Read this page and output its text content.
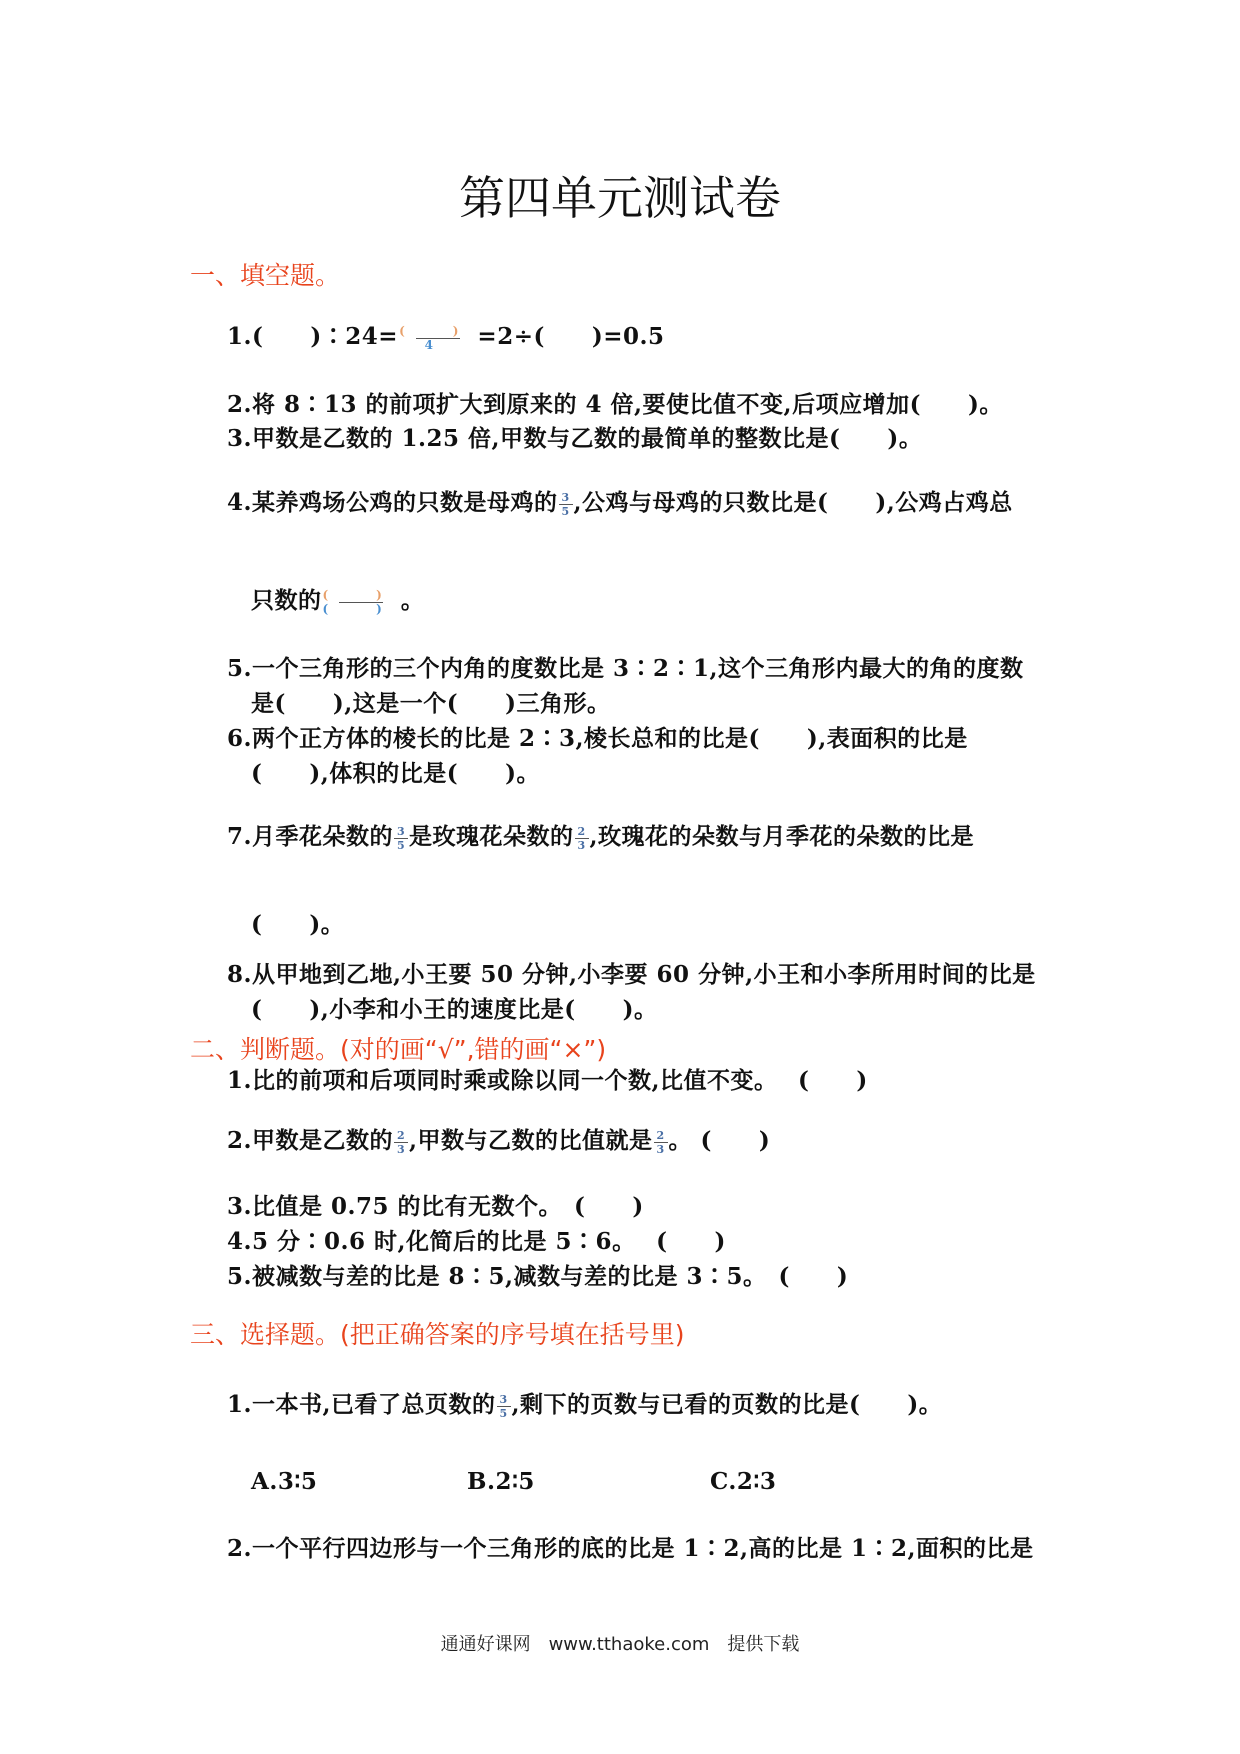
第四单元测试卷
一、填空题。
1.(　　)∶24= $\frac{( )}{4} =2\div$(　　)=0.5
2.将 8∶13 的前项扩大到原来的 4 倍,要使比值不变,后项应增加(　　)。
3.甲数是乙数的 1.25 倍,甲数与乙数的最简单的整数比是(　　)。
4.某养鸡场公鸡的只数是母鸡的 $\frac{3}{5}$ ,公鸡与母鸡的只数比是(　　),公鸡占鸡总
只数的 $\frac{( )}{( )}$ 。
5.一个三角形的三个内角的度数比是 3∶2∶1,这个三角形内最大的角的度数
是(　　),这是一个(　　)三角形。
6.两个正方体的棱长的比是 2∶3,棱长总和的比是(　　),表面积的比是
(　　),体积的比是(　　)。
7.月季花朵数的 $\frac{3}{5}$ 是玫瑰花朵数的 $\frac{2}{3}$ ,玫瑰花的朵数与月季花的朵数的比是
(　　)。
8.从甲地到乙地,小王要 50 分钟,小李要 60 分钟,小王和小李所用时间的比是
(　　),小李和小王的速度比是(　　)。
二、判断题。(对的画“√”,错的画“×”)
1.比的前项和后项同时乘或除以同一个数,比值不变。　 (　　)
2.甲数是乙数的 $\frac{2}{3}$ ,甲数与乙数的比值就是 $\frac{2}{3}$ 。 (　　)
3.比值是 0.75 的比有无数个。　(　　)
4.5 分∶0.6 时,化简后的比是 5∶6。　 (　　)
5.被减数与差的比是 8∶5,减数与差的比是 3∶5。　(　　)
三、选择题。(把正确答案的序号填在括号里)
1.一本书,已看了总页数的 $\frac{3}{5}$ ,剩下的页数与已看的页数的比是(　　)。
A.3∶5	B.2∶5	C.2∶3
2.一个平行四边形与一个三角形的底的比是 1∶2,高的比是 1∶2,面积的比是
通通好课网　www.tthaoke.com　提供下载
